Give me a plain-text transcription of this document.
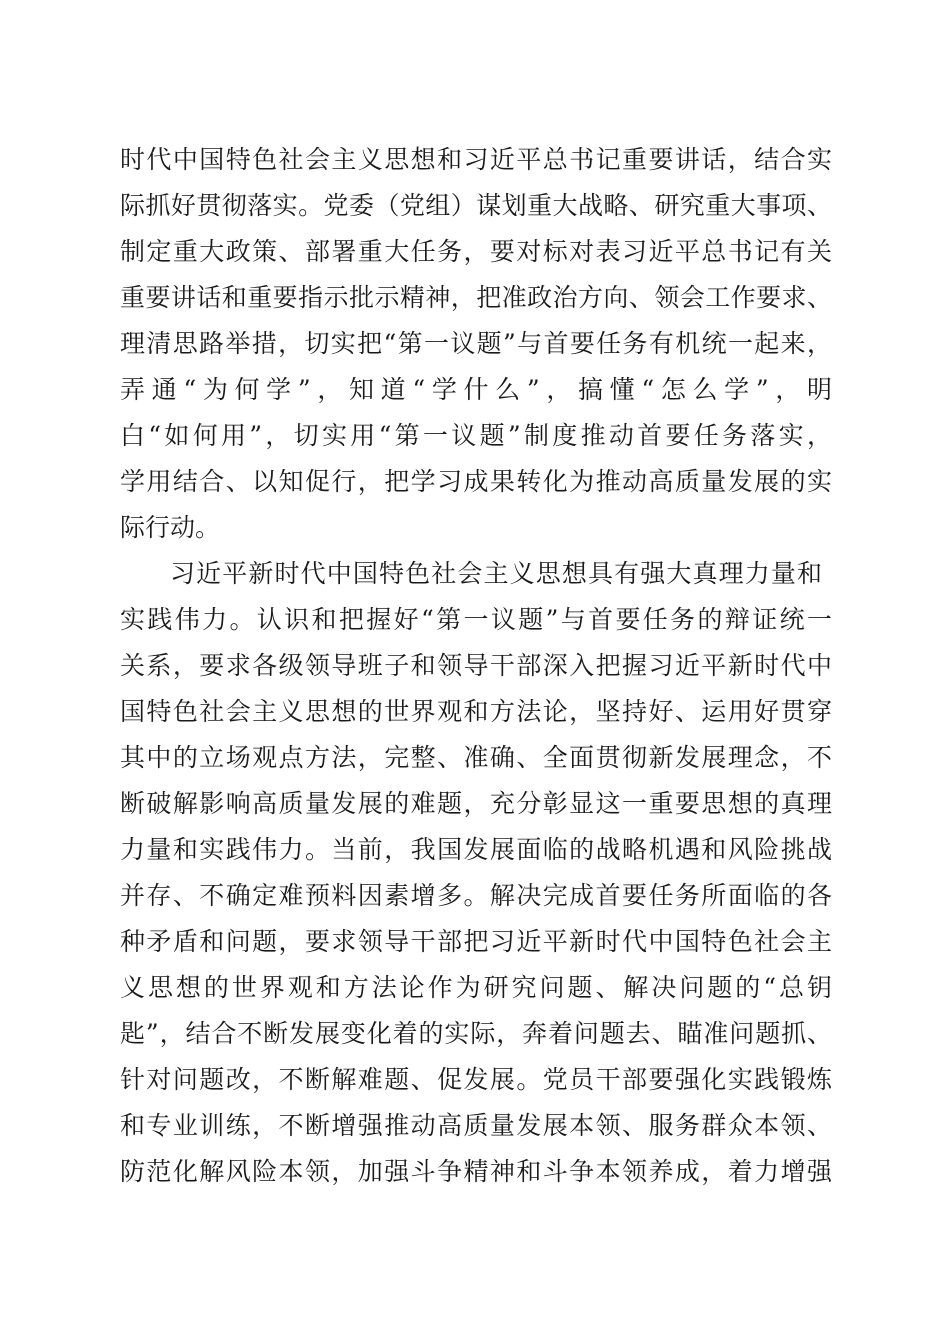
时代中国特色社会主义思想和习近平总书记重要讲话，结合实
际抓好贯彻落实。党委（党组）谋划重大战略、研究重大事项、
制定重大政策、部署重大任务，要对标对表习近平总书记有关
重要讲话和重要指示批示精神，把准政治方向、领会工作要求、
理清思路举措，切实把“第一议题”与首要任务有机统一起来，
弄通“为何学”，知道“学什么”，搞懂“怎么学”，明
白“如何用”，切实用“第一议题”制度推动首要任务落实，
学用结合、以知促行，把学习成果转化为推动高质量发展的实
际行动。
习近平新时代中国特色社会主义思想具有强大真理力量和
实践伟力。认识和把握好“第一议题”与首要任务的辩证统一
关系，要求各级领导班子和领导干部深入把握习近平新时代中
国特色社会主义思想的世界观和方法论，坚持好、运用好贯穿
其中的立场观点方法，完整、准确、全面贯彻新发展理念，不
断破解影响高质量发展的难题，充分彰显这一重要思想的真理
力量和实践伟力。当前，我国发展面临的战略机遇和风险挑战
并存、不确定难预料因素增多。解决完成首要任务所面临的各
种矛盾和问题，要求领导干部把习近平新时代中国特色社会主
义思想的世界观和方法论作为研究问题、解决问题的“总钥
匙”，结合不断发展变化着的实际，奔着问题去、瞄准问题抓、
针对问题改，不断解难题、促发展。党员干部要强化实践锻炼
和专业训练，不断增强推动高质量发展本领、服务群众本领、
防范化解风险本领，加强斗争精神和斗争本领养成，着力增强
